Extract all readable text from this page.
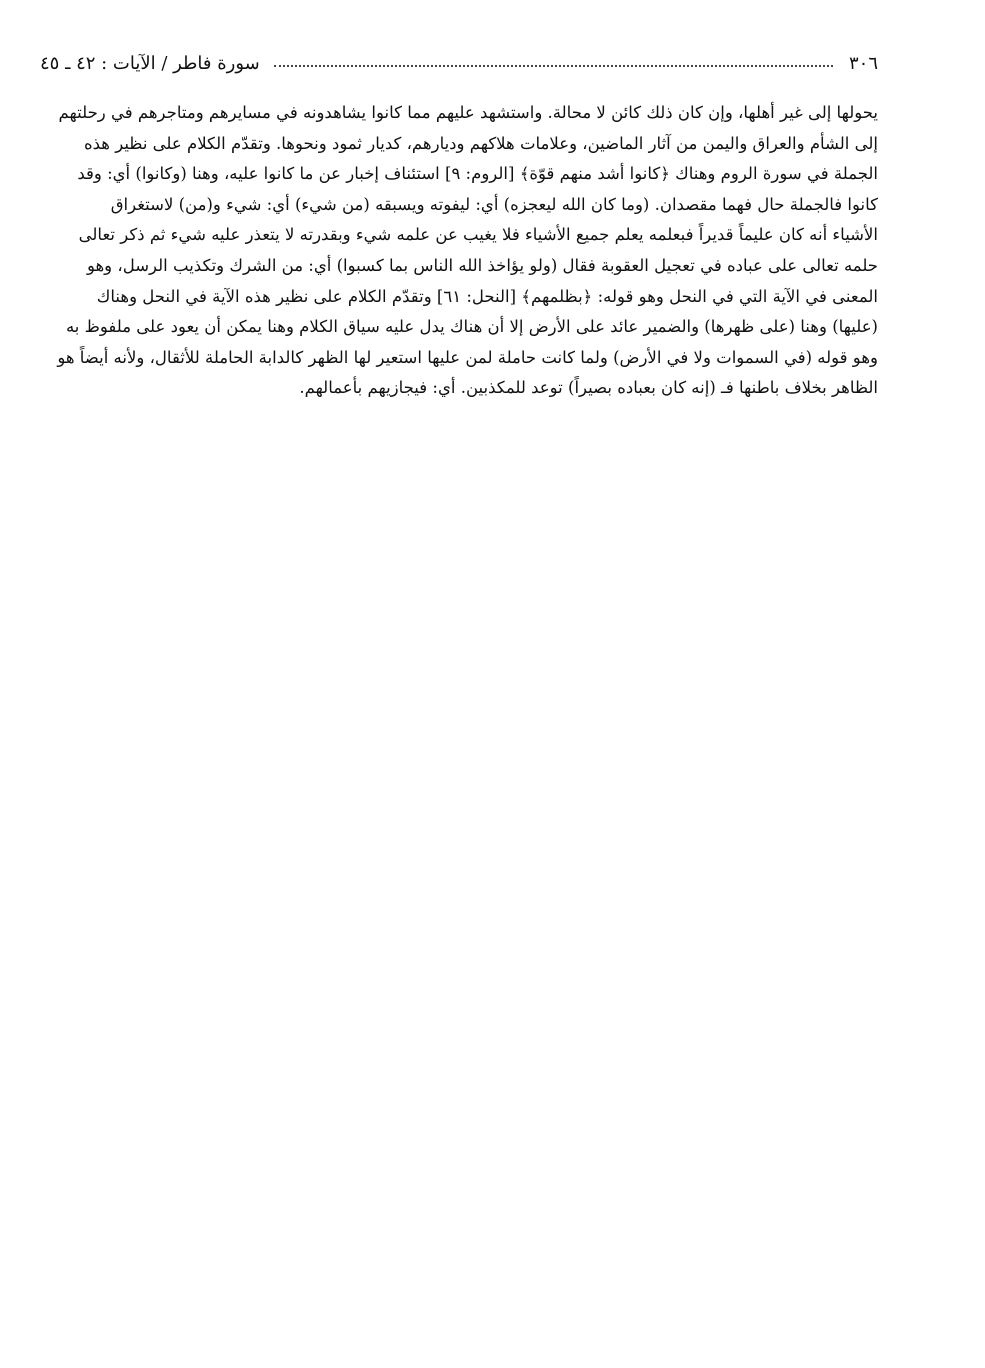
٣٠٦
سورة فاطر / الآيات : ٤٢ ـ ٤٥
يحولها إلى غير أهلها، وإن كان ذلك كائن لا محالة. واستشهد عليهم مما كانوا يشاهدونه في مسايرهم ومتاجرهم في رحلتهم
إلى الشأم والعراق واليمن من آثار الماضين، وعلامات هلاكهم وديارهم، كديار ثمود ونحوها. وتقدّم الكلام على نظير هذه
الجملة في سورة الروم وهناك ﴿كانوا أشد منهم قوّة﴾ [الروم: ٩] استئناف إخبار عن ما كانوا عليه، وهنا (وكانوا) أي: وقد
كانوا فالجملة حال فهما مقصدان. (وما كان الله ليعجزه) أي: ليفوته ويسبقه (من شيء) أي: شيء و(من) لاستغراق
الأشياء أنه كان عليماً قديراً فبعلمه يعلم جميع الأشياء فلا يغيب عن علمه شيء وبقدرته لا يتعذر عليه شيء ثم ذكر تعالى
حلمه تعالى على عباده في تعجيل العقوبة فقال (ولو يؤاخذ الله الناس بما كسبوا) أي: من الشرك وتكذيب الرسل، وهو
المعنى في الآية التي في النحل وهو قوله: ﴿بظلمهم﴾ [النحل: ٦١] وتقدّم الكلام على نظير هذه الآية في النحل وهناك
(عليها) وهنا (على ظهرها) والضمير عائد على الأرض إلا أن هناك يدل عليه سياق الكلام وهنا يمكن أن يعود على ملفوظ به
وهو قوله (في السموات ولا في الأرض) ولما كانت حاملة لمن عليها استعير لها الظهر كالدابة الحاملة للأثقال، ولأنه أيضاً هو
الظاهر بخلاف باطنها فـ (إنه كان بعباده بصيراً) توعد للمكذبين. أي: فيجازيهم بأعمالهم.
